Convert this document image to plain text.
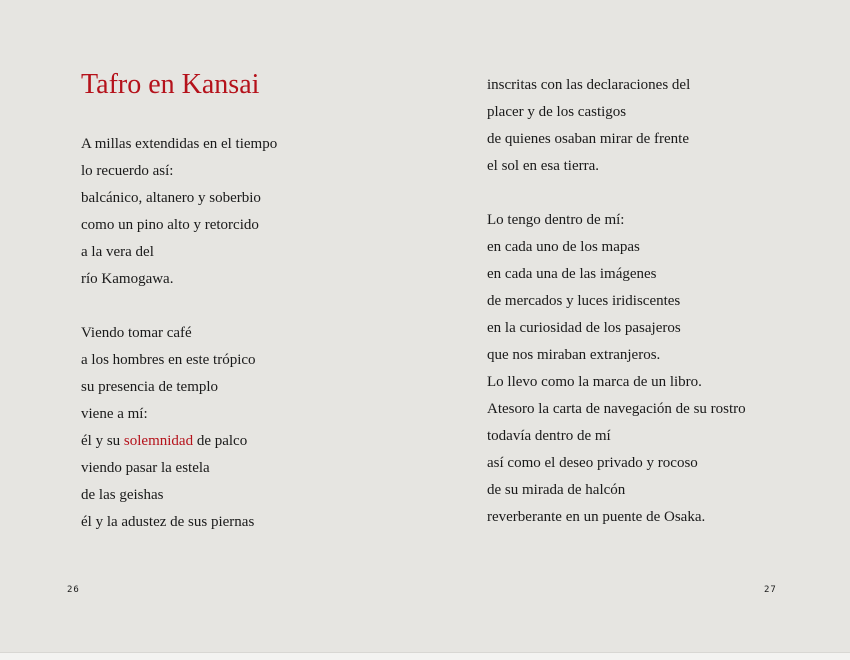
Tafro en Kansai
A millas extendidas en el tiempo
lo recuerdo así:
balcánico, altanero y soberbio
como un pino alto y retorcido
a la vera del
río Kamogawa.
Viendo tomar café
a los hombres en este trópico
su presencia de templo
viene a mí:
él y su solemnidad de palco
viendo pasar la estela
de las geishas
él y la adustez de sus piernas
26
inscritas con las declaraciones del
placer y de los castigos
de quienes osaban mirar de frente
el sol en esa tierra.
Lo tengo dentro de mí:
en cada uno de los mapas
en cada una de las imágenes
de mercados y luces iridiscentes
en la curiosidad de los pasajeros
que nos miraban extranjeros.
Lo llevo como la marca de un libro.
Atesoro la carta de navegación de su rostro
todavía dentro de mí
así como el deseo privado y rocoso
de su mirada de halcón
reverberante en un puente de Osaka.
27
